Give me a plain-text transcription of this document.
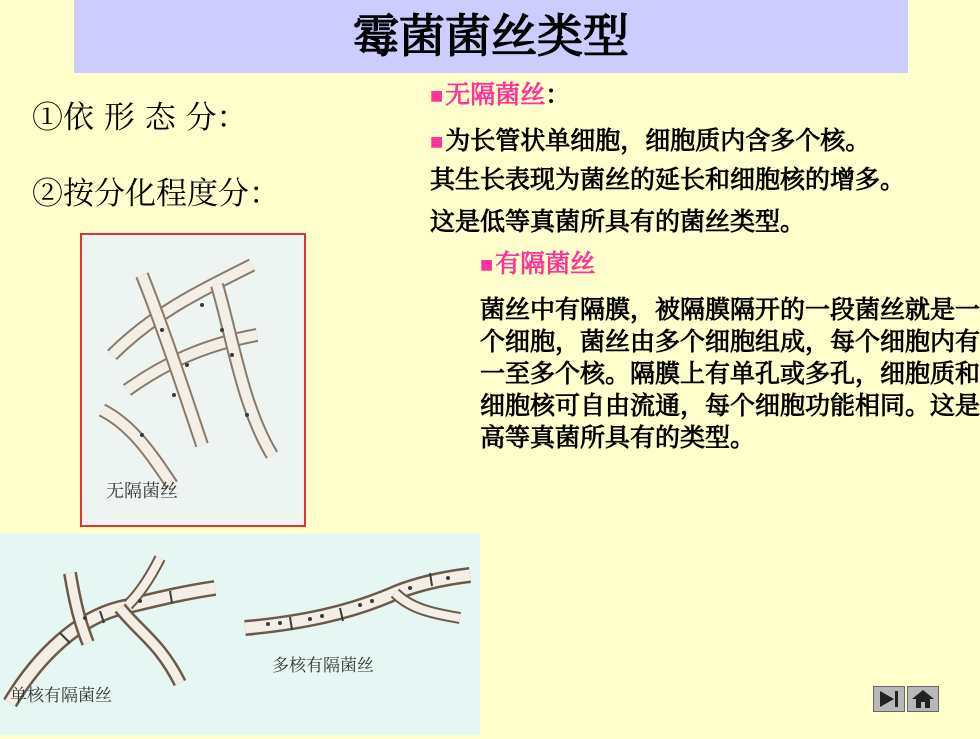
霉菌菌丝类型
①依 形 态 分：
②按分化程度分：

■无隔菌丝：

■为长管状单细胞，细胞质内含多个核。

其生长表现为菌丝的延长和细胞核的增多。

这是低等真菌所具有的菌丝类型。

■有隔菌丝

菌丝中有隔膜，被隔膜隔开的一段菌丝就是一个细胞，菌丝由多个细胞组成，每个细胞内有一至多个核。隔膜上有单孔或多孔，细胞质和细胞核可自由流通，每个细胞功能相同。这是高等真菌所具有的类型。

无隔菌丝
单核有隔菌丝
多核有隔菌丝
